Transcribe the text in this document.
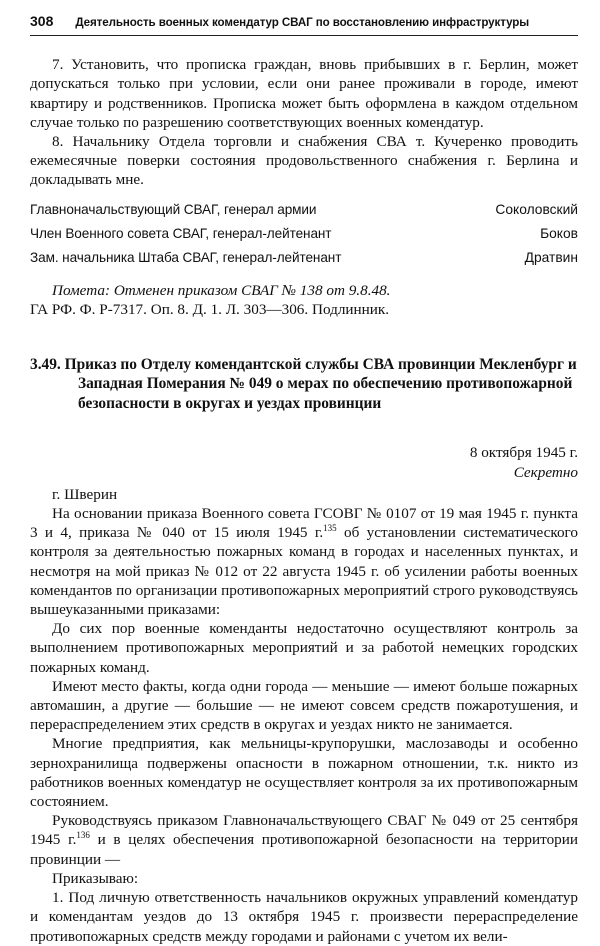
308 Деятельность военных комендатур СВАГ по восстановлению инфраструктуры

7. Установить, что прописка граждан, вновь прибывших в г. Берлин, может допускаться только при условии, если они ранее проживали в городе, имеют квартиру и родственников. Прописка может быть оформлена в каждом отдельном случае только по разрешению соответствующих военных комендатур.

8. Начальнику Отдела торговли и снабжения СВА т. Кучеренко проводить ежемесячные поверки состояния продовольственного снабжения г. Берлина и докладывать мне.

Главноначальствующий СВАГ, генерал армии	Соколовский
Член Военного совета СВАГ, генерал-лейтенант	Боков
Зам. начальника Штаба СВАГ, генерал-лейтенант	Дратвин

Помета: Отменен приказом СВАГ № 138 от 9.8.48.

ГА РФ. Ф. Р-7317. Оп. 8. Д. 1. Л. 303—306. Подлинник.

3.49. Приказ по Отделу комендантской службы СВА провинции Мекленбург и Западная Померания № 049 о мерах по обеспечению противопожарной безопасности в округах и уездах провинции

8 октября 1945 г.

Секретно

г. Шверин

На основании приказа Военного совета ГСОВГ № 0107 от 19 мая 1945 г. пункта 3 и 4, приказа № 040 от 15 июля 1945 г.$^{135}$ об установлении систематического контроля за деятельностью пожарных команд в городах и населенных пунктах, и несмотря на мой приказ № 012 от 22 августа 1945 г. об усилении работы военных комендантов по организации противопожарных мероприятий строго руководствуясь вышеуказанными приказами:

До сих пор военные коменданты недостаточно осуществляют контроль за выполнением противопожарных мероприятий и за работой немецких городских пожарных команд.

Имеют место факты, когда одни города — меньшие — имеют больше пожарных автомашин, а другие — большие — не имеют совсем средств пожаротушения, и перераспределением этих средств в округах и уездах никто не занимается.

Многие предприятия, как мельницы-крупорушки, маслозаводы и особенно зернохранилища подвержены опасности в пожарном отношении, т.к. никто из работников военных комендатур не осуществляет контроля за их противопожарным состоянием.

Руководствуясь приказом Главноначальствующего СВАГ № 049 от 25 сентября 1945 г.$^{136}$ и в целях обеспечения противопожарной безопасности на территории провинции —

Приказываю:

1. Под личную ответственность начальников окружных управлений комендатур и комендантам уездов до 13 октября 1945 г. произвести перераспределение противопожарных средств между городами и районами с учетом их вели-
